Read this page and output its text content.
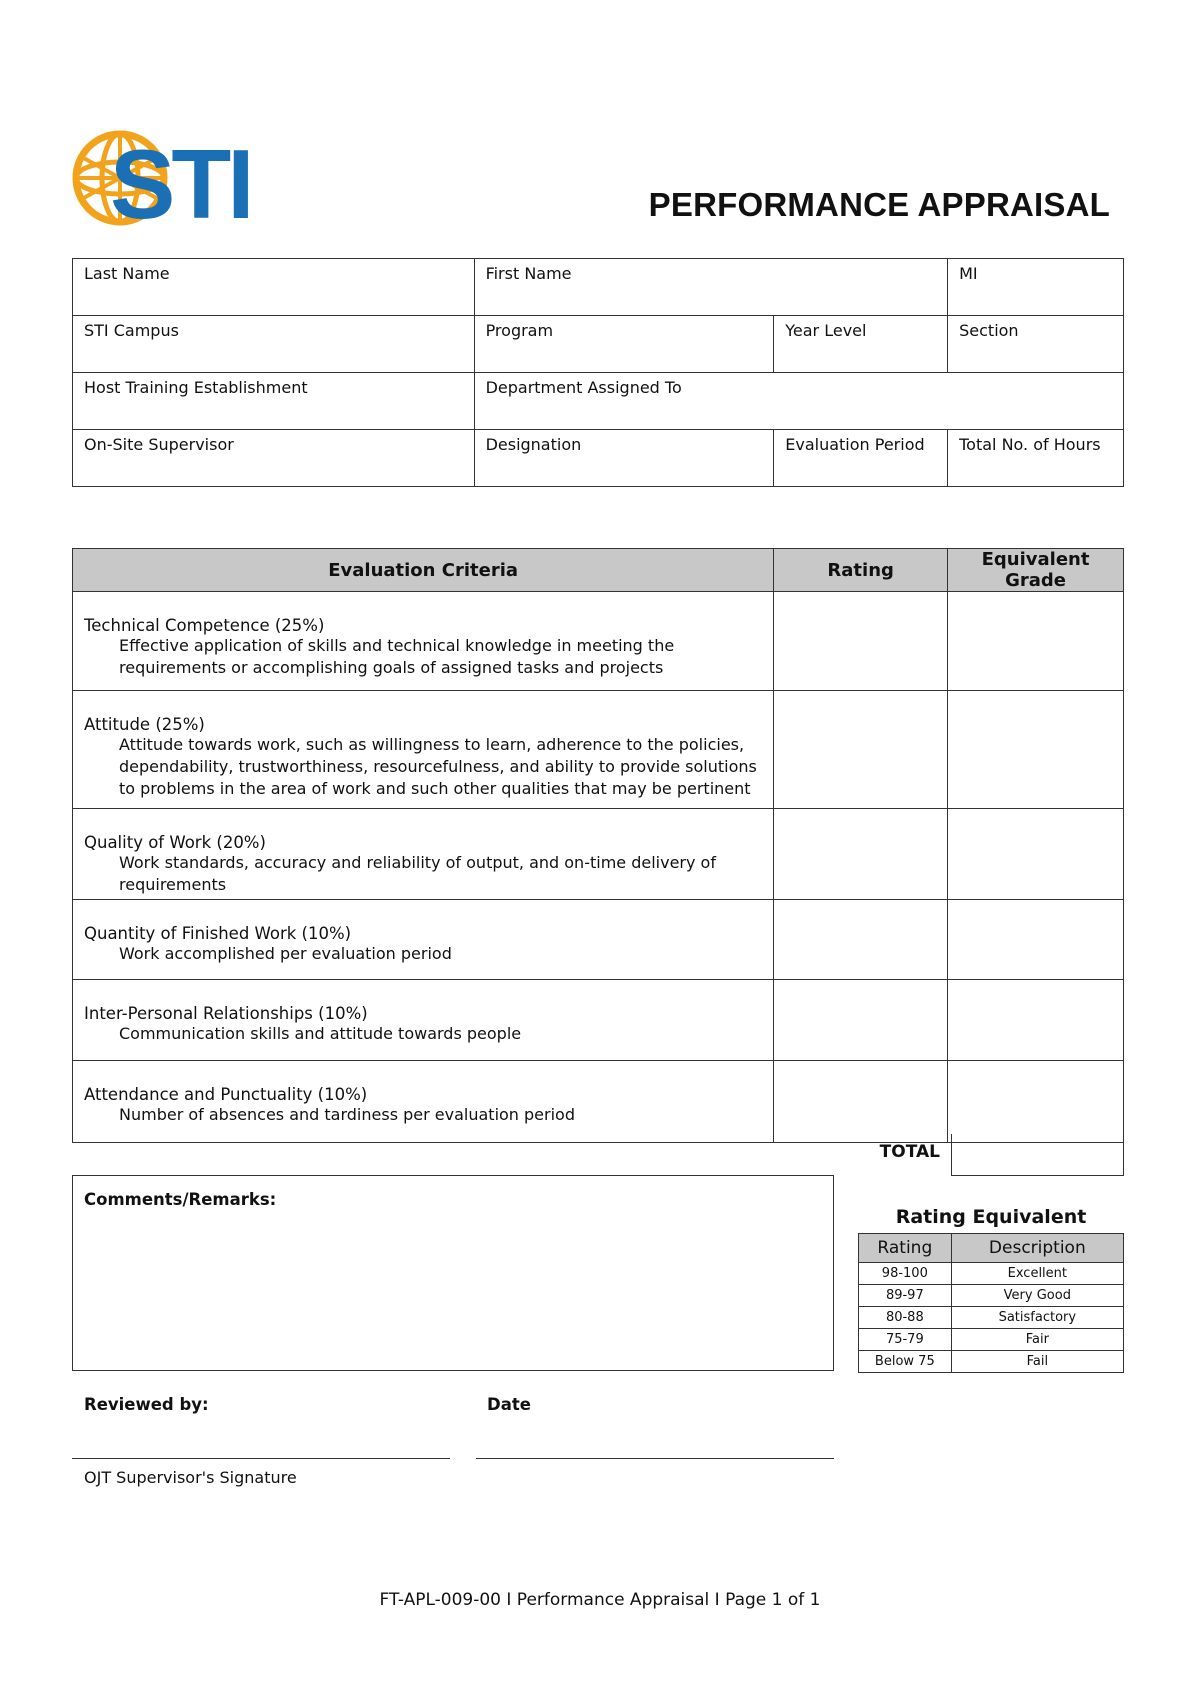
STI	PERFORMANCE APPRAISAL
Last Name	First Name		MI
STI Campus	Program	Year Level	Section
Host Training Establishment	Department Assigned To		
On-Site Supervisor	Designation	Evaluation Period	Total No. of Hours
Evaluation Criteria	Rating	Equivalent Grade

Technical Competence (25%)
Effective application of skills and technical knowledge in meeting the requirements or accomplishing goals of assigned tasks and projects		

Attitude (25%)
Attitude towards work, such as willingness to learn, adherence to the policies, dependability, trustworthiness, resourcefulness, and ability to provide solutions to problems in the area of work and such other qualities that may be pertinent		

Quality of Work (20%)
Work standards, accuracy and reliability of output, and on-time delivery of requirements		

Quantity of Finished Work (10%)
Work accomplished per evaluation period		

Inter-Personal Relationships (10%)
Communication skills and attitude towards people		

Attendance and Punctuality (10%)
Number of absences and tardiness per evaluation period		

TOTAL
Comments/Remarks:
Rating Equivalent
Rating	Description
98-100	Excellent
89-97	Very Good
80-88	Satisfactory
75-79	Fair
Below 75	Fail
Reviewed by:	Date
OJT Supervisor's Signature
FT-APL-009-00 I Performance Appraisal I Page 1 of 1
